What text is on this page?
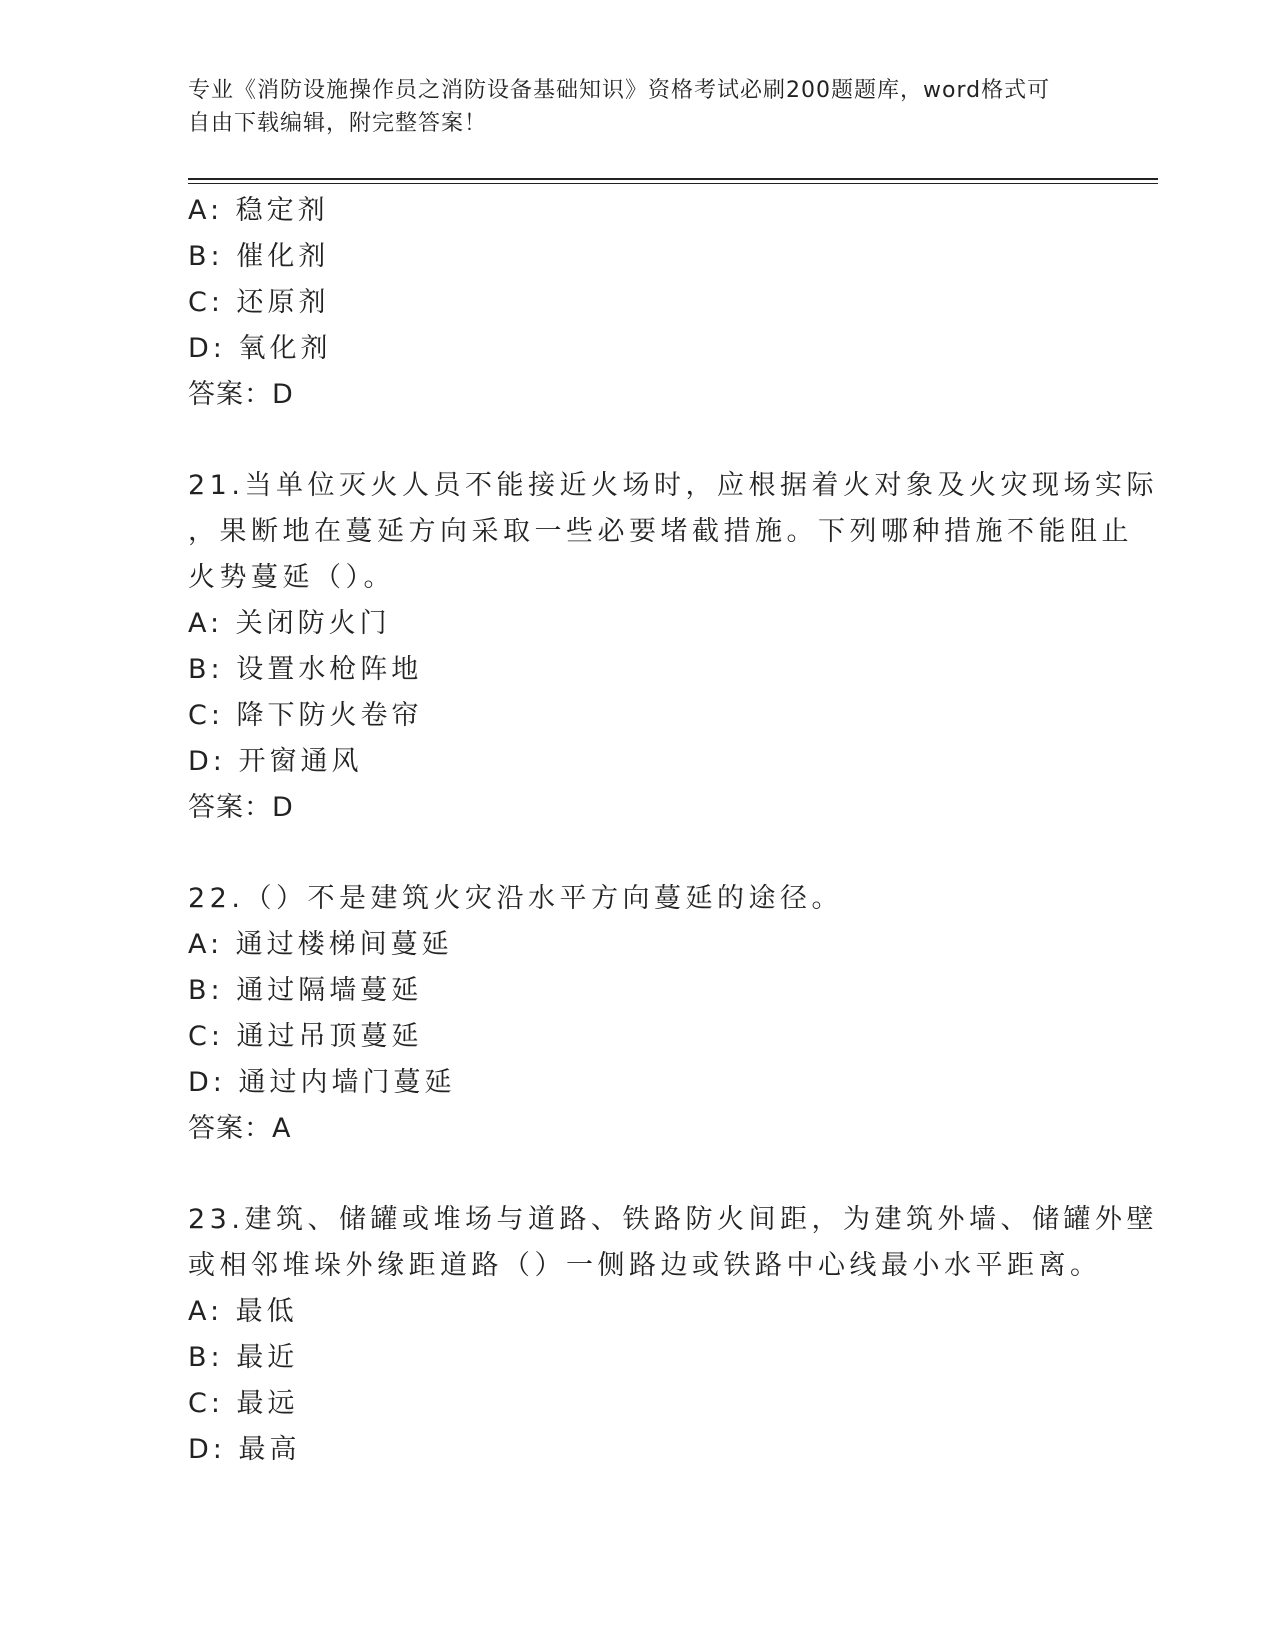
专业《消防设施操作员之消防设备基础知识》资格考试必刷200题题库，word格式可自由下载编辑，附完整答案！
A: 稳定剂
B: 催化剂
C: 还原剂
D: 氧化剂
答案：D
21.当单位灭火人员不能接近火场时，应根据着火对象及火灾现场实际
，果断地在蔓延方向采取一些必要堵截措施。下列哪种措施不能阻止
火势蔓延（）。
A: 关闭防火门
B: 设置水枪阵地
C: 降下防火卷帘
D: 开窗通风
答案：D
22.（）不是建筑火灾沿水平方向蔓延的途径。
A: 通过楼梯间蔓延
B: 通过隔墙蔓延
C: 通过吊顶蔓延
D: 通过内墙门蔓延
答案：A
23.建筑、储罐或堆场与道路、铁路防火间距，为建筑外墙、储罐外壁
或相邻堆垛外缘距道路（）一侧路边或铁路中心线最小水平距离。
A: 最低
B: 最近
C: 最远
D: 最高
